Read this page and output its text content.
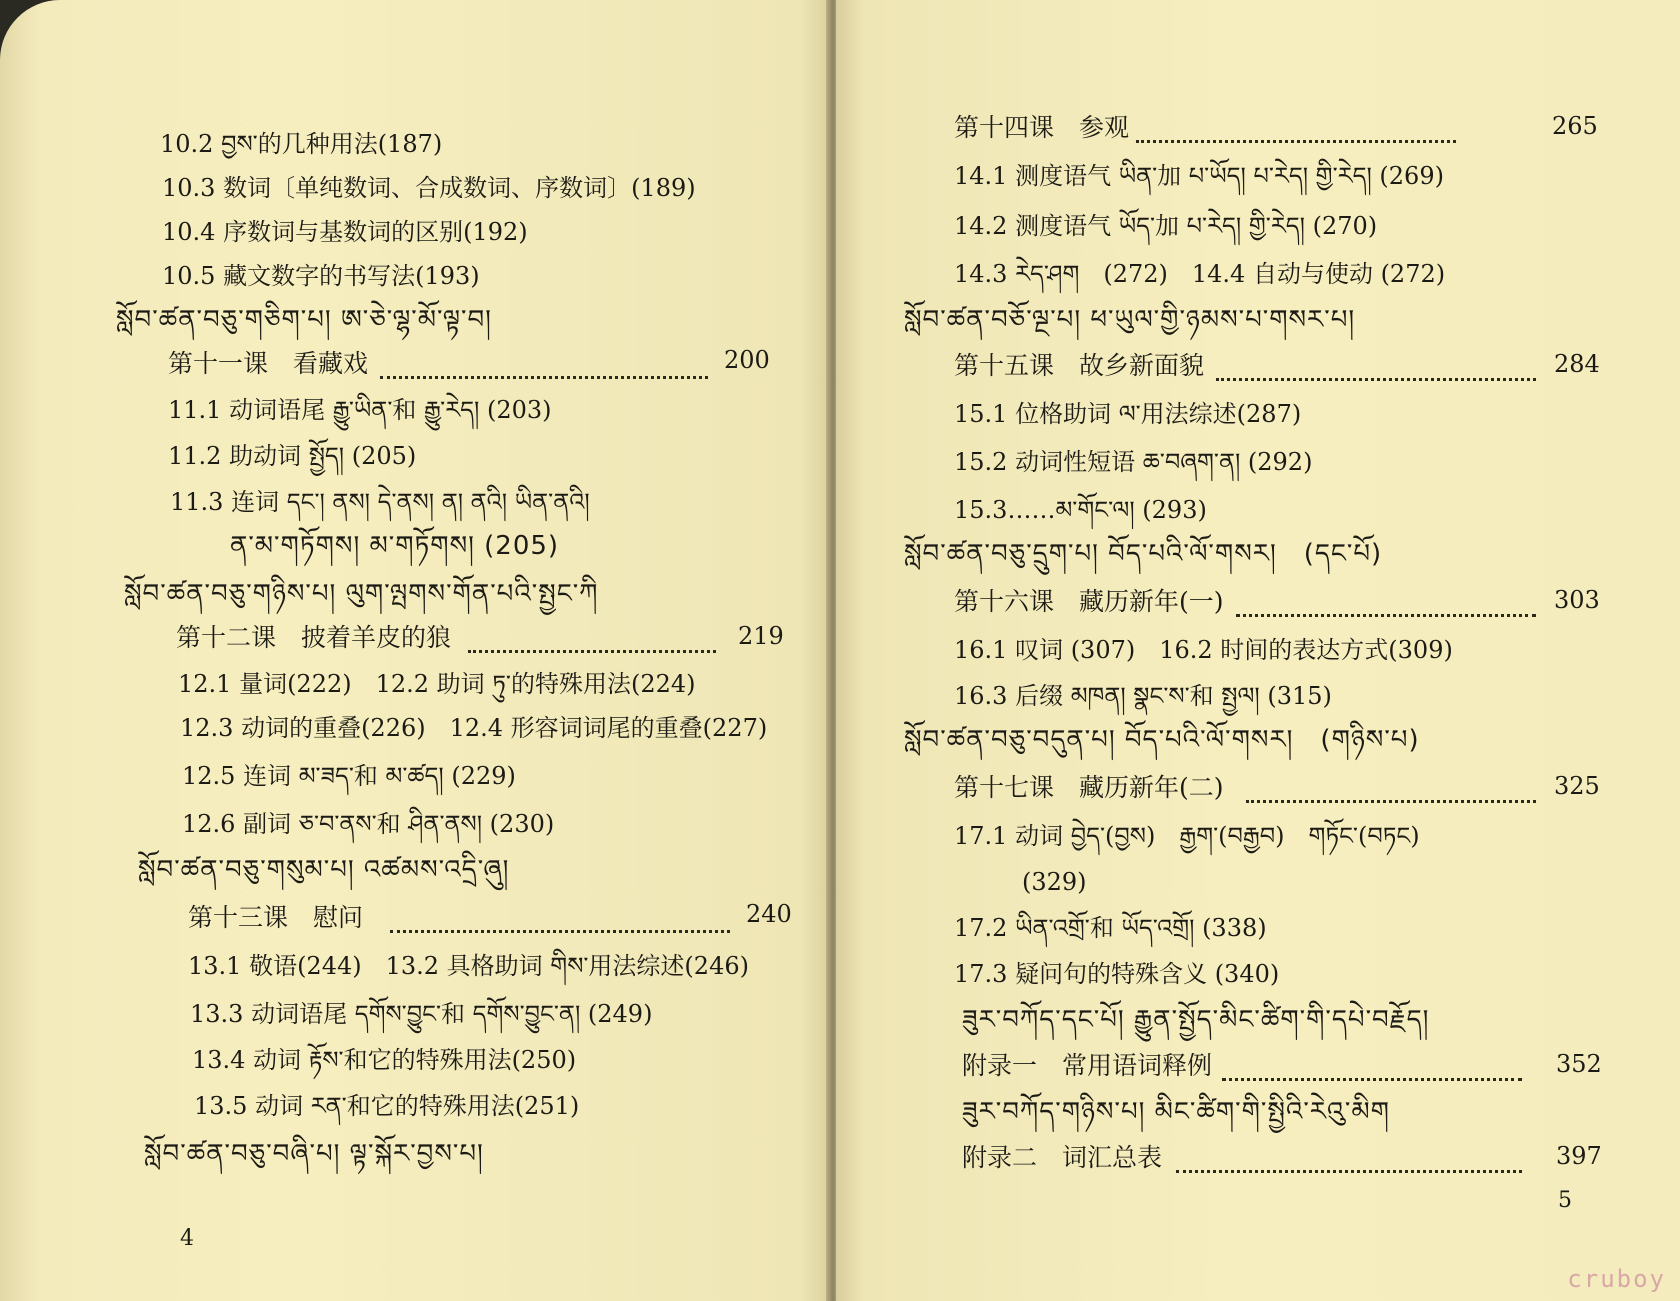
10.2 བྱས་的几种用法(187)
10.3 数词〔单纯数词、合成数词、序数词〕(189)
10.4 序数词与基数词的区别(192)
10.5 藏文数字的书写法(193)
སློབ་ཚན་བཅུ་གཅིག་པ། ཨ་ཅེ་ལྷ་མོ་ལྟ་བ།
第十一课　看藏戏	200
11.1 动词语尾 རྒྱུ་ཡིན་和 རྒྱུ་རེད། (203)
11.2 助动词 སྤྱོད། (205)
11.3 连词 དང་། ནས། དེ་ནས། ན། ནའི། ཡིན་ནའི།
ན་མ་གཏོགས། མ་གཏོགས། (205)
སློབ་ཚན་བཅུ་གཉིས་པ། ལུག་ལྤགས་གོན་པའི་སྤྱང་ཀི
第十二课　披着羊皮的狼	219
12.1 量词(222)　12.2 助词 ཏུ་的特殊用法(224)
12.3 动词的重叠(226)　12.4 形容词词尾的重叠(227)
12.5 连词 མ་ཟད་和 མ་ཚད། (229)
12.6 副词 ཅ་བ་ནས་和 ཤིན་ནས། (230)
སློབ་ཚན་བཅུ་གསུམ་པ། འཚམས་འདྲི་ཞུ།
第十三课　慰问	240
13.1 敬语(244)　13.2 具格助词 གིས་用法综述(246)
13.3 动词语尾 དགོས་བྱུང་和 དགོས་བྱུང་ན། (249)
13.4 动词 རྟོས་和它的特殊用法(250)
13.5 动词 རན་和它的特殊用法(251)
སློབ་ཚན་བཅུ་བཞི་པ། ལྟ་སྐོར་བྱས་པ།
4
第十四课　参观	265
14.1 测度语气 ཡིན་加 པ་ཡོད། པ་རེད། གྱི་རེད། (269)
14.2 测度语气 ཡོད་加 པ་རེད། གྱི་རེད། (270)
14.3 རེད་ཤག　(272)　14.4 自动与使动 (272)
སློབ་ཚན་བཅོ་ལྔ་པ། ཕ་ཡུལ་གྱི་ཉམས་པ་གསར་པ།
第十五课　故乡新面貌	284
15.1 位格助词 ལ་用法综述(287)
15.2 动词性短语 ཆ་བཞག་ན། (292)
15.3……མ་གོང་ལ། (293)
སློབ་ཚན་བཅུ་དྲུག་པ། བོད་པའི་ལོ་གསར།　(དང་པོ)
第十六课　藏历新年(一)	303
16.1 叹词 (307)　16.2 时间的表达方式(309)
16.3 后缀 མཁན། སྣང་ས་和 སྤྱལ། (315)
སློབ་ཚན་བཅུ་བདུན་པ། བོད་པའི་ལོ་གསར།　(གཉིས་པ)
第十七课　藏历新年(二)	325
17.1 动词 བྱེད་(བྱས)　རྒྱག་(བརྒྱབ)　གཏོང་(བཏང)
(329)
17.2 ཡིན་འགྲོ་和 ཡོད་འགྲོ། (338)
17.3 疑问句的特殊含义 (340)
ཟུར་བཀོད་དང་པོ། རྒྱུན་སྤྱོད་མིང་ཚིག་གི་དཔེ་བརྗོད།
附录一　常用语词释例	352
ཟུར་བཀོད་གཉིས་པ། མིང་ཚིག་གི་སྤྱིའི་རེའུ་མིག
附录二　词汇总表	397
5
cruboy
